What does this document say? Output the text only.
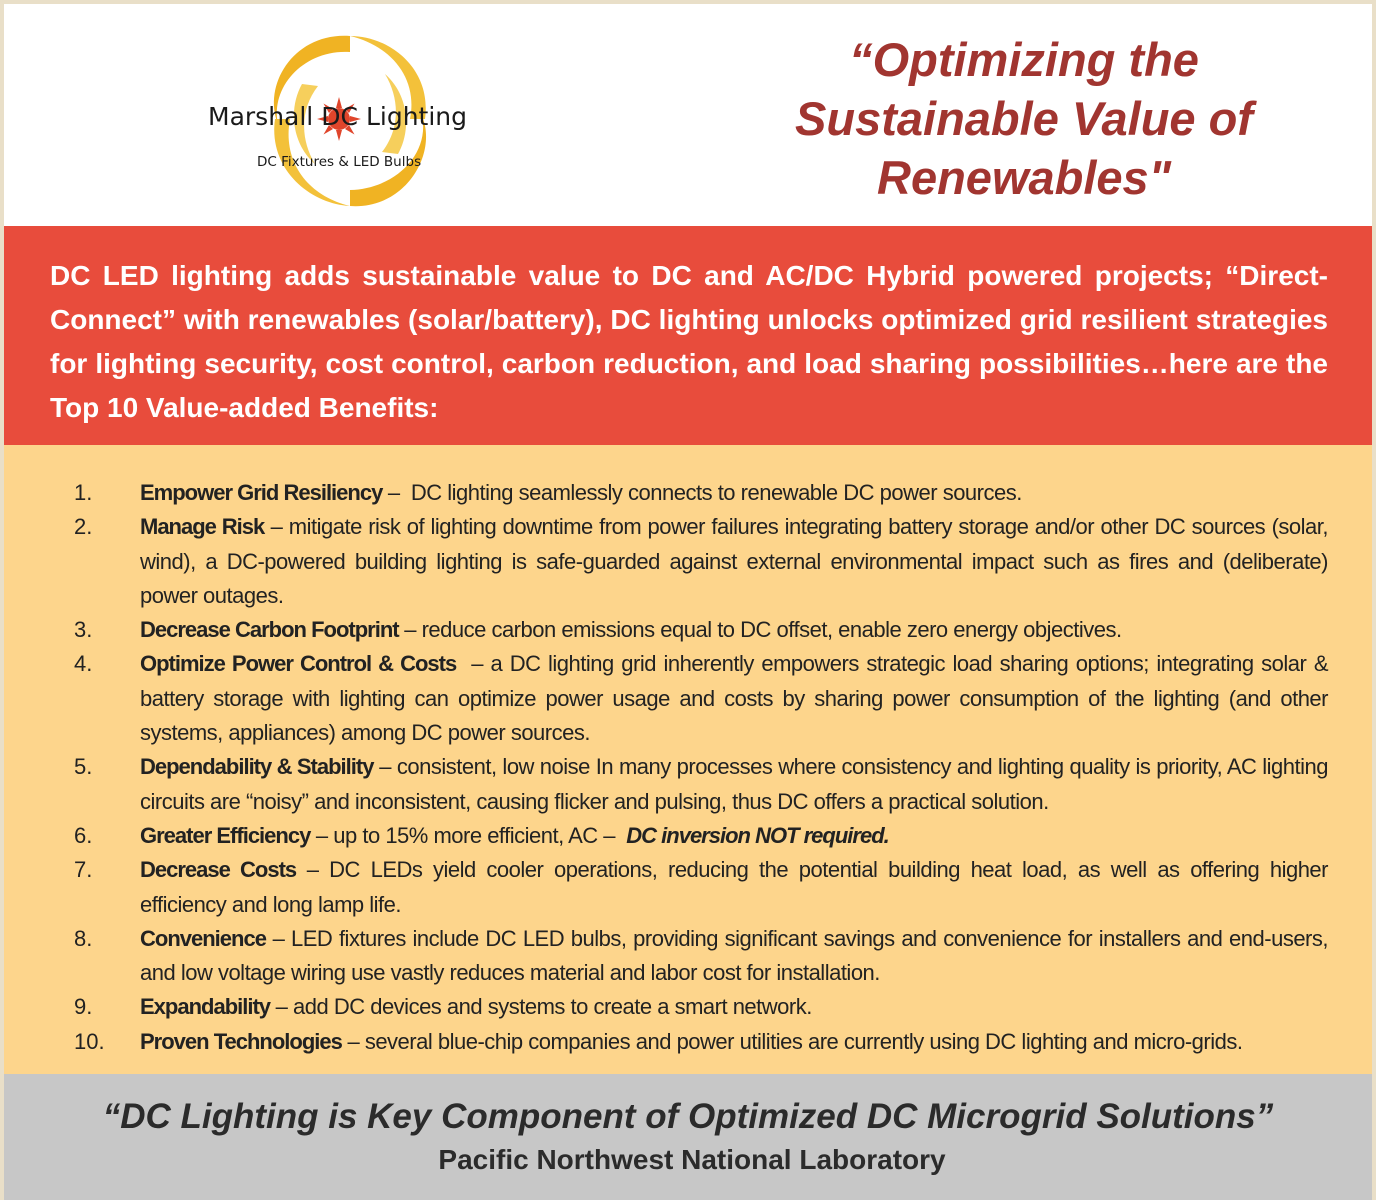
Marshall DC Lighting
DC Fixtures & LED Bulbs
“Optimizing the Sustainable Value of Renewables"
DC LED lighting adds sustainable value to DC and AC/DC Hybrid powered projects; “Direct-Connect” with renewables (solar/battery), DC lighting unlocks optimized grid resilient strategies for lighting security, cost control, carbon reduction, and load sharing possibilities…here are the Top 10 Value-added Benefits:
1.	Empower Grid Resiliency –  DC lighting seamlessly connects to renewable DC power sources.
2.	Manage Risk – mitigate risk of lighting downtime from power failures integrating battery storage and/or other DC sources (solar, wind), a DC-powered building lighting is safe-guarded against external environmental impact such as fires and (deliberate) power outages.
3.	Decrease Carbon Footprint – reduce carbon emissions equal to DC offset, enable zero energy objectives.
4.	Optimize Power Control & Costs  – a DC lighting grid inherently empowers strategic load sharing options; integrating solar & battery storage with lighting can optimize power usage and costs by sharing power consumption of the lighting (and other systems, appliances) among DC power sources.
5.	Dependability & Stability – consistent, low noise In many processes where consistency and lighting quality is priority, AC lighting circuits are “noisy” and inconsistent, causing flicker and pulsing, thus DC offers a practical solution.
6.	Greater Efficiency – up to 15% more efficient, AC –  DC inversion NOT required.
7.	Decrease Costs – DC LEDs yield cooler operations, reducing the potential building heat load, as well as offering higher efficiency and long lamp life.
8.	Convenience – LED fixtures include DC LED bulbs, providing significant savings and convenience for installers and end-users, and low voltage wiring use vastly reduces material and labor cost for installation.
9.	Expandability – add DC devices and systems to create a smart network.
10.	Proven Technologies – several blue-chip companies and power utilities are currently using DC lighting and micro-grids.
“DC Lighting is Key Component of Optimized DC Microgrid Solutions”
Pacific Northwest National Laboratory
